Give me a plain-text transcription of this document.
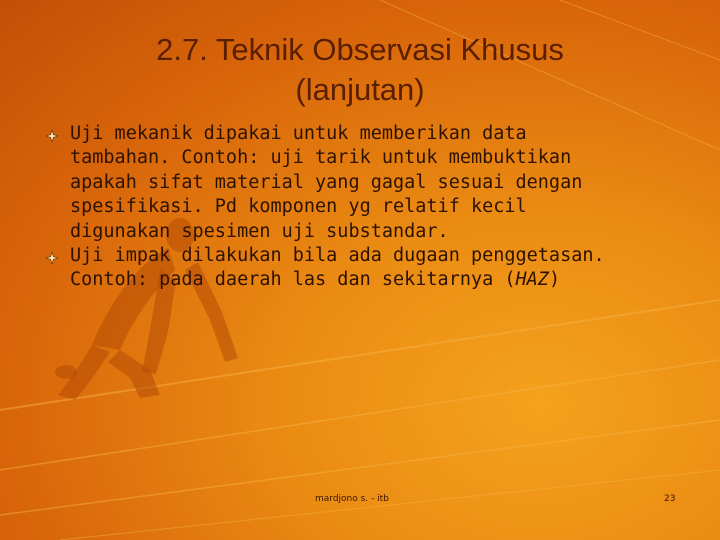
2.7. Teknik Observasi Khusus
(lanjutan)
Uji mekanik dipakai untuk memberikan data
tambahan. Contoh: uji tarik untuk membuktikan
apakah sifat material yang gagal sesuai dengan
spesifikasi. Pd komponen yg relatif kecil
digunakan spesimen uji substandar.
Uji impak dilakukan bila ada dugaan penggetasan.
Contoh: pada daerah las dan sekitarnya (HAZ)
mardjono s. - itb	23
